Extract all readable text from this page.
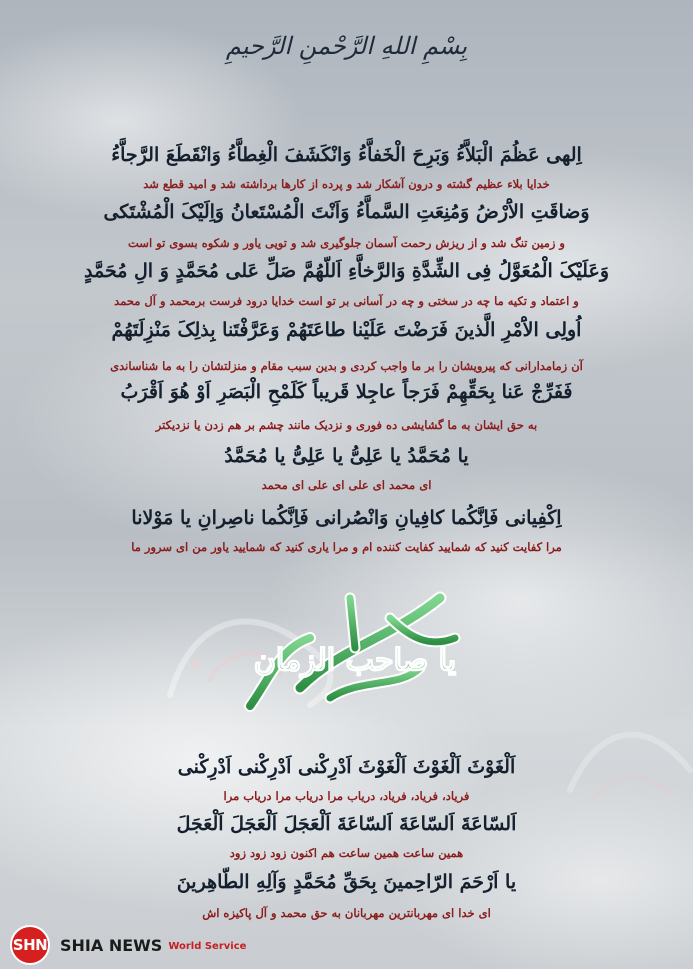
بِسْمِ اللهِ الرَّحْمنِ الرَّحیمِ
اِلهی عَظُمَ الْبَلاَّءُ وَبَرِحَ الْخَفاَّءُ وَانْکَشَفَ الْغِطاَّءُ وَانْقَطَعَ الرَّجاَّءُ
خدایا بلاء عظیم گشته و درون آشکار شد و پرده از کارها برداشته شد و امید قطع شد
وَضاقَتِ الاَْرْضُ وَمُنِعَتِ السَّماَّءُ وَاَنْتَ الْمُسْتَعانُ وَاِلَیْکَ الْمُشْتَکی
و زمین تنگ شد و از ریزش رحمت آسمان جلوگیری شد و تویی یاور و شکوه بسوی تو است
وَعَلَیْکَ الْمُعَوَّلُ فِی الشِّدَّةِ وَالرَّخاَّءِ اَللّهُمَّ صَلِّ عَلی مُحَمَّدٍ وَ الِ مُحَمَّدٍ
و اعتماد و تکیه ما چه در سختی و چه در آسانی بر تو است خدایا درود فرست برمحمد و آل محمد
اُولِی الاَْمْرِ الَّذینَ فَرَضْتَ عَلَیْنا طاعَتَهُمْ وَعَرَّفْتَنا بِذلِکَ مَنْزِلَتَهُمْ
آن زمامدارانی که پیرویشان را بر ما واجب کردی و بدین سبب مقام و منزلتشان را به ما شناساندی
فَفَرِّجْ عَنا بِحَقِّهِمْ فَرَجاً عاجِلا قَریباً کَلَمْحِ الْبَصَرِ اَوْ هُوَ اَقْرَبُ
به حق ایشان به ما گشایشی ده فوری و نزدیک مانند چشم بر هم زدن یا نزدیکتر
یا مُحَمَّدُ یا عَلِیُّ یا عَلِیُّ یا مُحَمَّدُ
ای محمد ای علی ای علی ای محمد
اِکْفِیانی فَاِنَّکُما کافِیانِ وَانْصُرانی فَاِنَّکُما ناصِرانِ یا مَوْلانا
مرا کفایت کنید که شمایید کفایت کننده ام و مرا یاری کنید که شمایید یاور من ای سرور ما
یا صاحب الزمان
اَلْغَوْثَ اَلْغَوْثَ اَلْغَوْثَ اَدْرِکْنی اَدْرِکْنی اَدْرِکْنی
فریاد، فریاد، فریاد، دریاب مرا دریاب مرا دریاب مرا
اَلسّاعَةَ اَلسّاعَةَ اَلسّاعَةَ اَلْعَجَلَ اَلْعَجَلَ اَلْعَجَلَ
همین ساعت همین ساعت هم اکنون زود زود زود
یا اَرْحَمَ الرّاحِمینَ بِحَقِّ مُحَمَّدٍ وَآلِهِ الطّاهِرینَ
ای خدا ای مهربانترین مهربانان به حق محمد و آل پاکیزه اش
SHN SHIA NEWS World Service
